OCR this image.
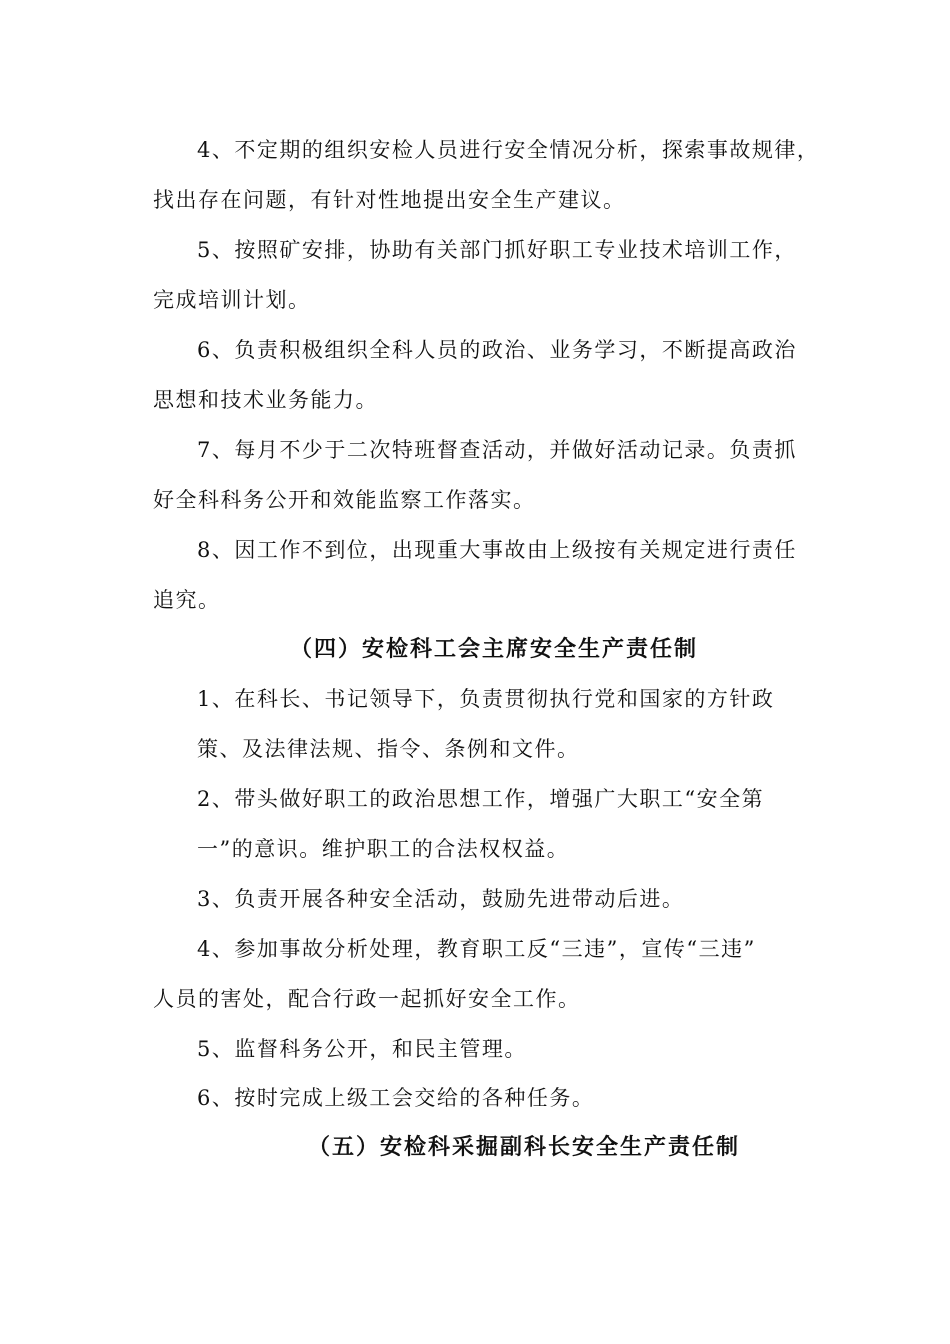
4、不定期的组织安检人员进行安全情况分析，探索事故规律，
找出存在问题，有针对性地提出安全生产建议。
5、按照矿安排，协助有关部门抓好职工专业技术培训工作，
完成培训计划。
6、负责积极组织全科人员的政治、业务学习，不断提高政治
思想和技术业务能力。
7、每月不少于二次特班督查活动，并做好活动记录。负责抓
好全科科务公开和效能监察工作落实。
8、因工作不到位，出现重大事故由上级按有关规定进行责任
追究。
（四）安检科工会主席安全生产责任制
1、在科长、书记领导下，负责贯彻执行党和国家的方针政
策、及法律法规、指令、条例和文件。
2、带头做好职工的政治思想工作，增强广大职工“安全第
一”的意识。维护职工的合法权权益。
3、负责开展各种安全活动，鼓励先进带动后进。
4、参加事故分析处理，教育职工反“三违”，宣传“三违”
人员的害处，配合行政一起抓好安全工作。
5、监督科务公开，和民主管理。
6、按时完成上级工会交给的各种任务。
（五）安检科采掘副科长安全生产责任制
